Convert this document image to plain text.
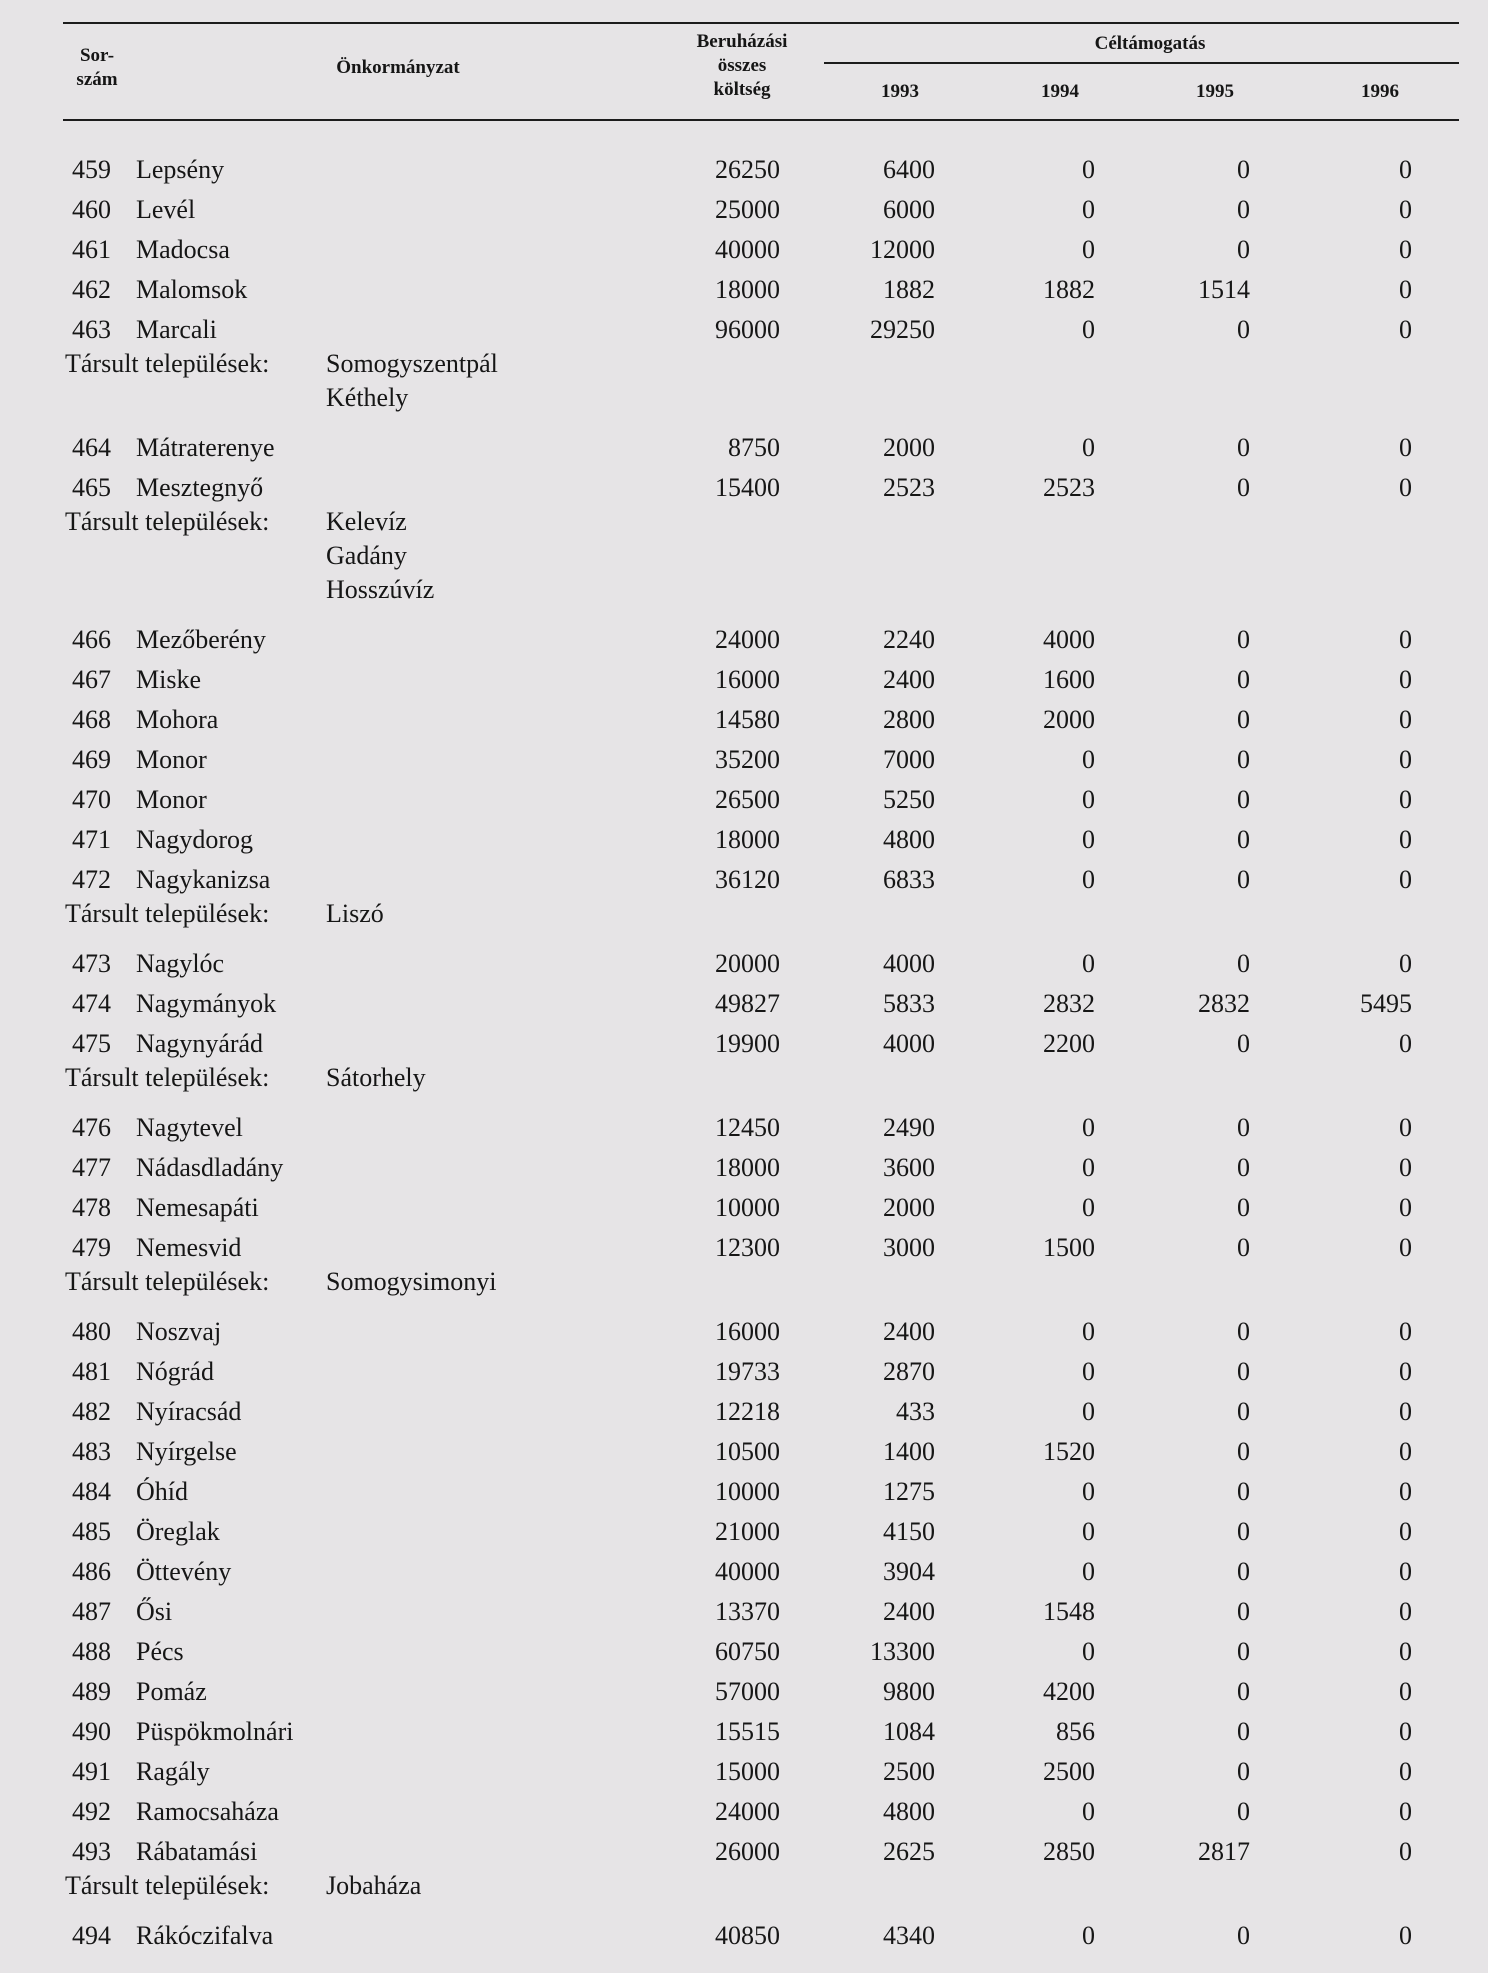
Sor-
szám
Önkormányzat
Beruházási
összes
költség
Céltámogatás
1993	1994	1995	1996
459 Lepsény	26250	6400	0	0	0
460 Levél	25000	6000	0	0	0
461 Madocsa	40000	12000	0	0	0
462 Malomsok	18000	1882	1882	1514	0
463 Marcali	96000	29250	0	0	0
Társult települések: Somogyszentpál
Kéthely
464 Mátraterenye	8750	2000	0	0	0
465 Mesztegnyő	15400	2523	2523	0	0
Társult települések: Kelevíz
Gadány
Hosszúvíz
466 Mezőberény	24000	2240	4000	0	0
467 Miske	16000	2400	1600	0	0
468 Mohora	14580	2800	2000	0	0
469 Monor	35200	7000	0	0	0
470 Monor	26500	5250	0	0	0
471 Nagydorog	18000	4800	0	0	0
472 Nagykanizsa	36120	6833	0	0	0
Társult települések: Liszó
473 Nagylóc	20000	4000	0	0	0
474 Nagymányok	49827	5833	2832	2832	5495
475 Nagynyárád	19900	4000	2200	0	0
Társult települések: Sátorhely
476 Nagytevel	12450	2490	0	0	0
477 Nádasdladány	18000	3600	0	0	0
478 Nemesapáti	10000	2000	0	0	0
479 Nemesvid	12300	3000	1500	0	0
Társult települések: Somogysimonyi
480 Noszvaj	16000	2400	0	0	0
481 Nógrád	19733	2870	0	0	0
482 Nyíracsád	12218	433	0	0	0
483 Nyírgelse	10500	1400	1520	0	0
484 Óhíd	10000	1275	0	0	0
485 Öreglak	21000	4150	0	0	0
486 Öttevény	40000	3904	0	0	0
487 Ősi	13370	2400	1548	0	0
488 Pécs	60750	13300	0	0	0
489 Pomáz	57000	9800	4200	0	0
490 Püspökmolnári	15515	1084	856	0	0
491 Ragály	15000	2500	2500	0	0
492 Ramocsaháza	24000	4800	0	0	0
493 Rábatamási	26000	2625	2850	2817	0
Társult települések: Jobaháza
494 Rákóczifalva	40850	4340	0	0	0
